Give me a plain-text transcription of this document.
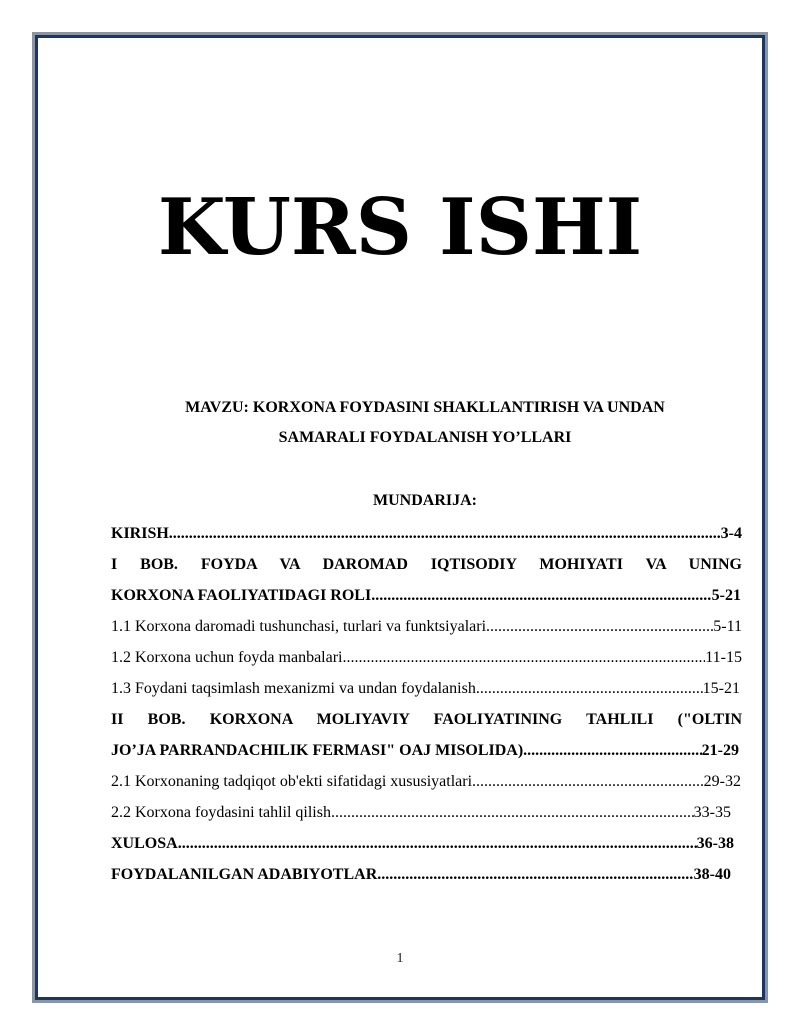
KURS ISHI
MAVZU: KORXONA FOYDASINI SHAKLLANTIRISH VA UNDAN
SAMARALI FOYDALANISH YO’LLARI
MUNDARIJA:
KIRISH .....	3-4
I BOB. FOYDA VA DAROMAD IQTISODIY MOHIYATI VA UNING
KORXONA FAOLIYATIDAGI ROLI .....	5-21
1.1 Korxona daromadi tushunchasi, turlari va funktsiyalari .....	5-11
1.2 Korxona uchun foyda manbalari .....	11-15
1.3 Foydani taqsimlash mexanizmi va undan foydalanish .....	15-21
II BOB. KORXONA MOLIYAVIY FAOLIYATINING TAHLILI ("OLTIN
JO’JA PARRANDACHILIK FERMASI" OAJ MISOLIDA) .....	21-29
2.1 Korxonaning tadqiqot ob'ekti sifatidagi xususiyatlari .....	29-32
2.2 Korxona foydasini tahlil qilish .....	33-35
XULOSA .....	36-38
FOYDALANILGAN ADABIYOTLAR .....	38-40
1
